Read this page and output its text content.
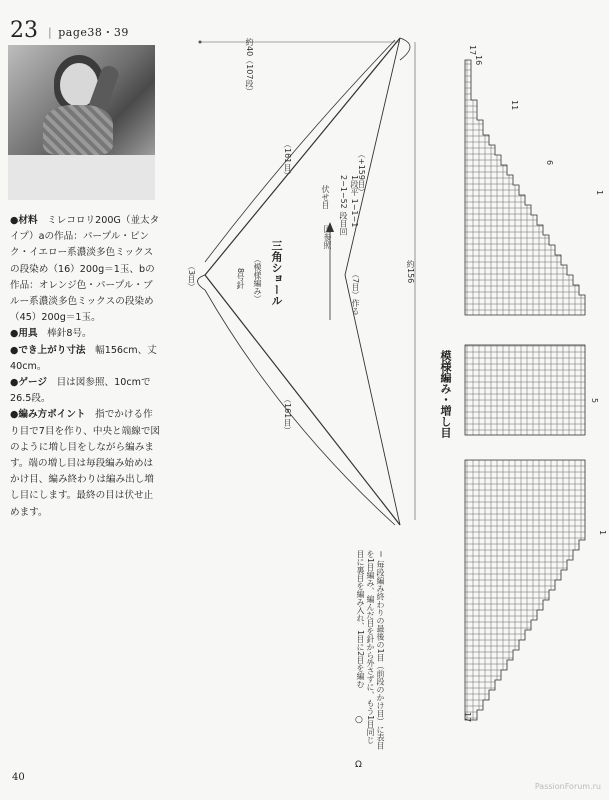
23 | page38・39

●材料　 ミレコロリ200G（並太タイプ）aの作品：パープル・ピンク・イエロー系濃淡多色ミックスの段染め（16）200g＝1玉、bの作品：オレンジ色・パープル・ブルー系濃淡多色ミックスの段染め（45）200g＝1玉。

●用具　 棒針8号。

●でき上がり寸法　 幅156cm、丈40cm。

●ゲージ　 目は図参照、10cmで26.5段。

●編み方ポイント　 指でかける作り目で7目を作り、中央と端線で図のように増し目をしながら編みます。端の増し目は毎段編み始めはかけ目、編み終わりは編み出し増し目にします。最終の目は伏せ止めます。

約40（107段）
（161目）
（161目）
（3目）
伏せ目	1段平 1−1−1 2−1−52 段目回
（+159目）
図参照
（7目）作る
三角ショール
（模様編み）
8号針	約156
17
16
11
6
1
模様編み・増し目	5
17
1
＝ 毎段編み終わりの最後の1目（前段のかけ目）に表目を1目編み、編んだ目を針から外さずに、もう1目同じ目に裏目を編み入れ、1目に2目を編む
Ω
○
40
PassionForum.ru
